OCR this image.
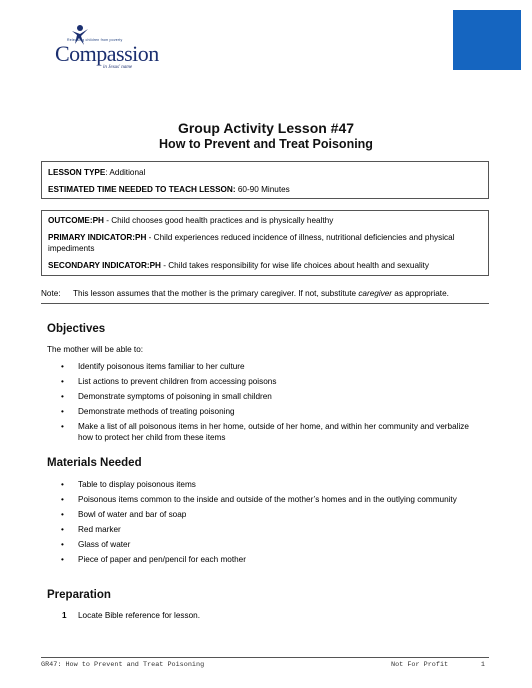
Releasing children from poverty
Compassion
in Jesus' name
Group Activity Lesson #47
How to Prevent and Treat Poisoning

LESSON TYPE: Additional

ESTIMATED TIME NEEDED TO TEACH LESSON: 60-90 Minutes

OUTCOME:PH - Child chooses good health practices and is physically healthy

PRIMARY INDICATOR:PH - Child experiences reduced incidence of illness, nutritional deficiencies and physical impediments

SECONDARY INDICATOR:PH - Child takes responsibility for wise life choices about health and sexuality

Note: This lesson assumes that the mother is the primary caregiver. If not, substitute caregiver as appropriate.
Objectives
The mother will be able to:
• Identify poisonous items familiar to her culture
• List actions to prevent children from accessing poisons
• Demonstrate symptoms of poisoning in small children
• Demonstrate methods of treating poisoning
• Make a list of all poisonous items in her home, outside of her home, and within her community and verbalize how to protect her child from these items
Materials Needed
• Table to display poisonous items
• Poisonous items common to the inside and outside of the mother’s homes and in the outlying community
• Bowl of water and bar of soap
• Red marker
• Glass of water
• Piece of paper and pen/pencil for each mother
Preparation
1 Locate Bible reference for lesson.
GR47: How to Prevent and Treat Poisoning	Not For Profit	1
